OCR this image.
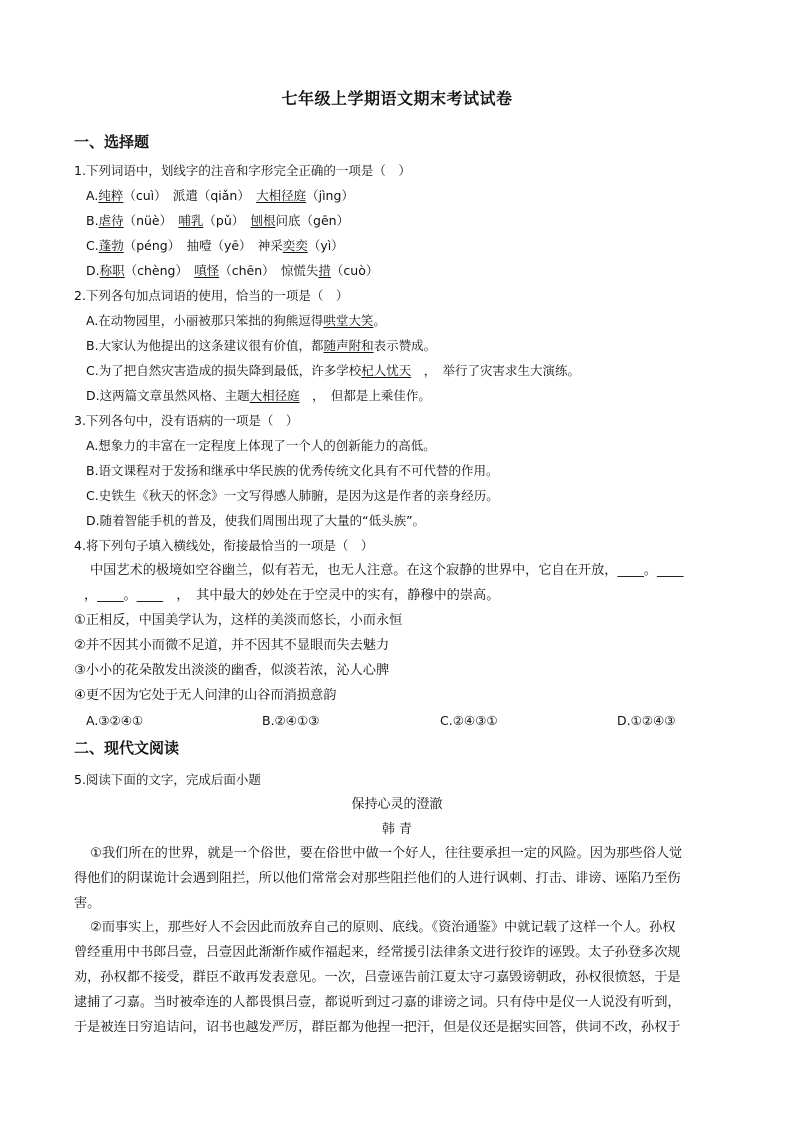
七年级上学期语文期末考试试卷
一、选择题
1.下列词语中，划线字的注音和字形完全正确的一项是（　）
A.纯粹（cuì）　派遣（qiǎn）　大相径庭（jìng）
B.虐待（nüè）　哺乳（pǔ）　刨根问底（gēn）
C.蓬勃（péng）　抽噎（yē）　神采奕奕（yì）
D.称职（chèng）　嗔怪（chēn）　惊慌失措（cuò）
2.下列各句加点词语的使用，恰当的一项是（　）
A.在动物园里，小丽被那只笨拙的狗熊逗得哄堂大笑。
B.大家认为他提出的这条建议很有价值，都随声附和表示赞成。
C.为了把自然灾害造成的损失降到最低，许多学校杞人忧天　，　举行了灾害求生大演练。
D.这两篇文章虽然风格、主题大相径庭　，　但都是上乘佳作。
3.下列各句中，没有语病的一项是（　）
A.想象力的丰富在一定程度上体现了一个人的创新能力的高低。
B.语文课程对于发扬和继承中华民族的优秀传统文化具有不可代替的作用。
C.史铁生《秋天的怀念》一文写得感人肺腑，是因为这是作者的亲身经历。
D.随着智能手机的普及，使我们周围出现了大量的“低头族”。
4.将下列句子填入横线处，衔接最恰当的一项是（　）
中国艺术的极境如空谷幽兰，似有若无，也无人注意。在这个寂静的世界中，它自在开放，____。____
，____。____　，　其中最大的妙处在于空灵中的实有，静穆中的崇高。
①正相反，中国美学认为，这样的美淡而悠长，小而永恒
②并不因其小而微不足道，并不因其不显眼而失去魅力
③小小的花朵散发出淡淡的幽香，似淡若浓，沁人心脾
④更不因为它处于无人问津的山谷而消损意韵
A.③②④①	B.②④①③	C.②④③①	D.①②④③
二、现代文阅读
5.阅读下面的文字，完成后面小题
保持心灵的澄澈
韩 青
①我们所在的世界，就是一个俗世，要在俗世中做一个好人，往往要承担一定的风险。因为那些俗人觉
得他们的阴谋诡计会遇到阻拦，所以他们常常会对那些阻拦他们的人进行讽刺、打击、诽谤、诬陷乃至伤
害。
②而事实上，那些好人不会因此而放弃自己的原则、底线。《资治通鉴》中就记载了这样一个人。孙权
曾经重用中书郎吕壹，吕壹因此渐渐作威作福起来，经常援引法律条文进行狡诈的诬毁。太子孙登多次规
劝，孙权都不接受，群臣不敢再发表意见。一次，吕壹诬告前江夏太守刁嘉毁谤朝政，孙权很愤怒，于是
逮捕了刁嘉。当时被牵连的人都畏惧吕壹，都说听到过刁嘉的诽谤之词。只有侍中是仪一人说没有听到，
于是被连日穷追诘问，诏书也越发严厉，群臣都为他捏一把汗，但是仪还是据实回答，供词不改，孙权于
